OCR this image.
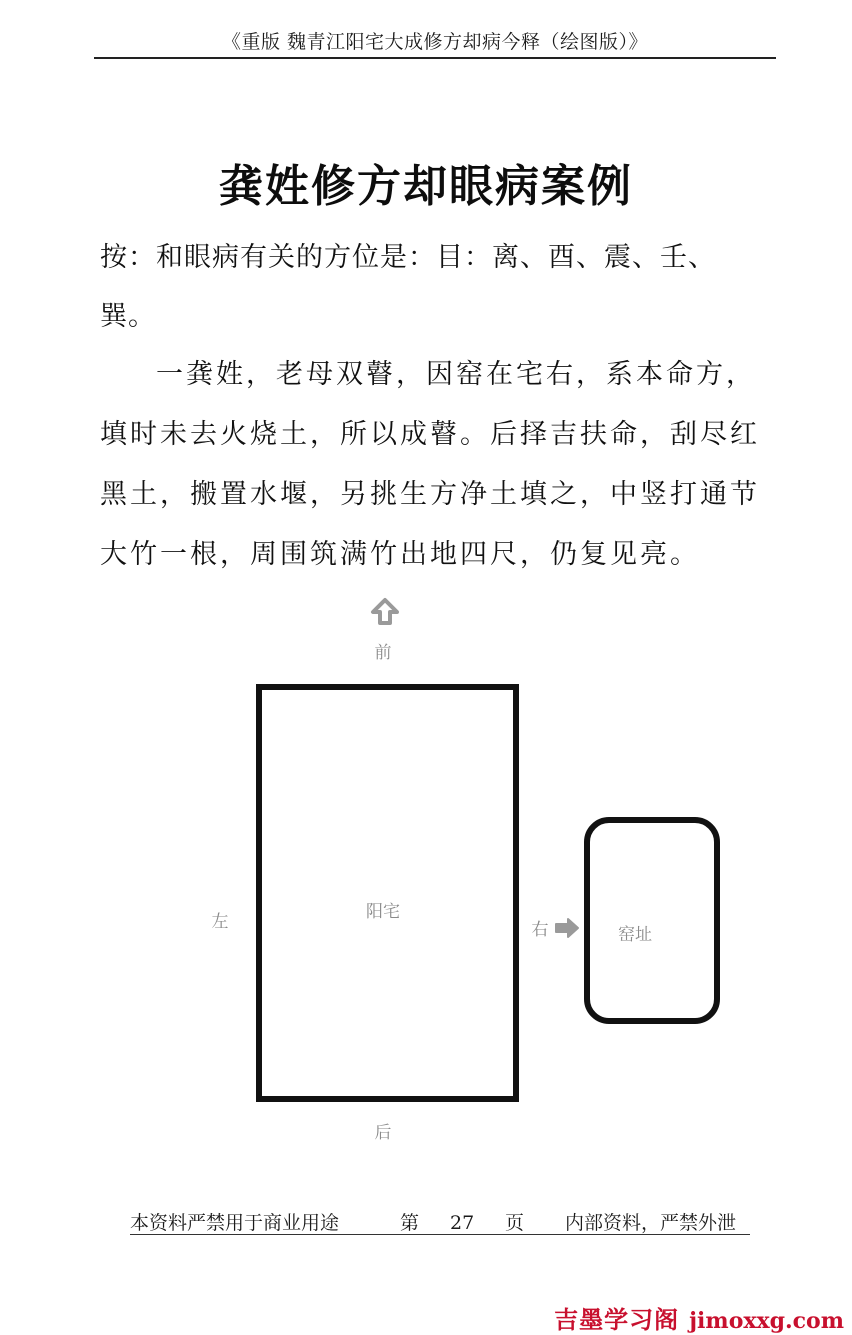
《重版 魏青江阳宅大成修方却病今释（绘图版）》
龚姓修方却眼病案例

按：和眼病有关的方位是：目：离、酉、震、壬、巽。

一龚姓，老母双瞽，因窑在宅右，系本命方，填时未去火烧土，所以成瞽。后择吉扶命，刮尽红黑土，搬置水堰，另挑生方净土填之，中竖打通节大竹一根，周围筑满竹出地四尺，仍复见亮。

前
阳宅
左	右	窑址
后
本资料严禁用于商业用途	第	27	页	内部资料，严禁外泄
吉墨学习阁 jimoxxg.com
